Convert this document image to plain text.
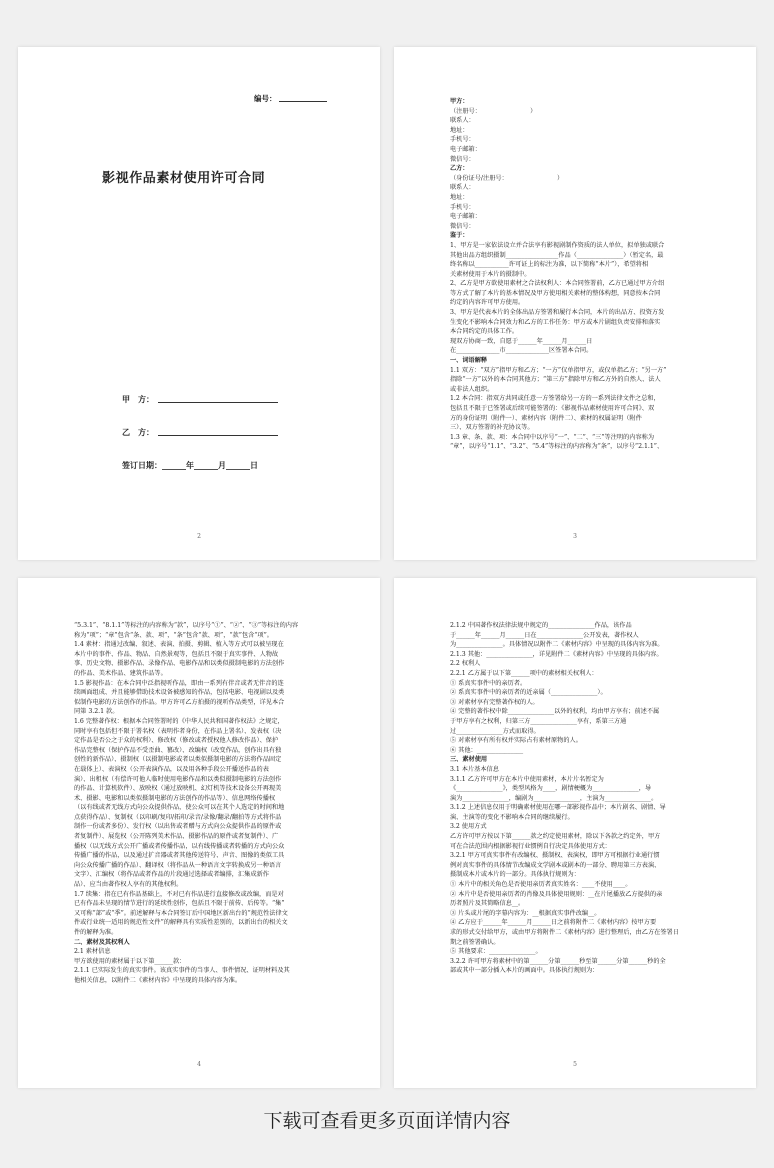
编号：
影视作品素材使用许可合同
甲　方：
乙　方：
签订日期：______年______月______日
2

甲方：

（注册号：                         ）

联系人：

地址：

手机号：

电子邮箱：

微信号：

乙方：

（身份证号/注册号：                         ）

联系人：

地址：

手机号：

电子邮箱：

微信号：

鉴于：

1、甲方是一家依法设立并合法享有影视剧制作资质的法人单位，拟单独或联合

其他出品方组织摄制_________________作品（_______________）（暂定名，最

终名称以___________许可证上的标注为准，以下简称“本片”），希望将相

关素材使用于本片的摄制中。

2、乙方是甲方欲使用素材之合法权利人：本合同签署前，乙方已通过甲方介绍

等方式了解了本片的基本情况及甲方使用相关素材的整体构想，同意按本合同

约定的内容许可甲方使用。

3、甲方是代表本片的全体出品方签署和履行本合同，本片的出品方、投资方发

生变化不影响本合同效力和乙方的工作任务：甲方或本片剧组负责安排和落实

本合同约定的具体工作。

现双方协商一致，自愿于______年______月______日

在______________市______________区签署本合同。

一、词语解释

1.1 双方：“双方”指甲方和乙方；“一方”仅单指甲方，或仅单指乙方；“另一方”

指除“一方”以外的本合同其他方；“第三方”指除甲方和乙方外的自然人、法人

或非法人组织。

1.2 本合同：指双方共同或任意一方签署给另一方的一系列法律文件之总和，

包括且不限于已签署或后续可能签署的：《影视作品素材使用许可合同》、双

方的身份证明（附件一）、素材内容（附件二）、素材的权属证明（附件

三）、双方签署的补充协议等。

1.3 章、条、款、项：本合同中以序号“一”、“二”、“三”等注明的内容称为

“章”，以序号“1.1”、“3.2”、“5.4”等标注的内容称为“条”，以序号“2.1.1”、

3

“5.3.1”、“8.1.1”等标注的内容称为“款”，以序号“①”、“②”、“③”等标注的内容

称为“项”；“章”包含“条、款、项”，“条”包含“款、项”，“款”包含“项”。

1.4 素材：指通过改编、叙述、表演、拍摄、剪辑、植入等方式可以被呈现在

本片中的事件、作品、物品、自然景观等，包括且不限于真实事件、人物故

事、历史文物、摄影作品、录像作品、电影作品和以类似摄制电影的方法创作

的作品、美术作品、建筑作品等。

1.5 影视作品：在本合同中泛指视听作品，即由一系列有伴音或者无伴音的连

续画面组成、并且能够借助技术设备被感知的作品，包括电影、电视剧以及类

似制作电影的方法创作的作品。甲方许可乙方拍摄的视听作品类型，详见本合

同第 3.2.1 款。

1.6 完整著作权：根据本合同签署时的《中华人民共和国著作权法》之规定，

同时享有包括但不限于署名权（表明作者身份，在作品上署名）、发表权（决

定作品是否公之于众的权利）、修改权（修改或者授权他人修改作品）、保护

作品完整权（保护作品不受歪曲、篡改）、改编权（改变作品，创作出具有独

创性的新作品）、摄制权（以摄制电影或者以类似摄制电影的方法将作品固定

在载体上）、表演权（公开表演作品，以及用各种手段公开播送作品的表

演）、出租权（有偿许可他人临时使用电影作品和以类似摄制电影的方法创作

的作品、计算机软件）、放映权（通过放映机、幻灯机等技术设备公开再现美

术、摄影、电影和以类似摄制电影的方法创作的作品等）、信息网络传播权

（以有线或者无线方式向公众提供作品，使公众可以在其个人选定的时间和地

点获得作品）、复制权（以印刷/复印/拓印/录音/录像/翻录/翻拍等方式将作品

制作一份或者多份）、发行权（以出售或者赠与方式向公众提供作品的原件或

者复制件）、展览权（公开陈列美术作品、摄影作品的原件或者复制件）、广

播权（以无线方式公开广播或者传播作品，以有线传播或者转播的方式向公众

传播广播的作品，以及通过扩音器或者其他传送符号、声音、图像的类似工具

向公众传播广播的作品）、翻译权（将作品从一种语言文字转换成另一种语言

文字）、汇编权（将作品或者作品的片段通过选择或者编排，汇集成新作

品）、应当由著作权人享有的其他权利。

1.7 续集：指在已有作品基础上，不对已有作品进行直接修改或改编，而是对

已有作品未呈现的情节进行的延续性创作，包括且不限于前传、后传等。“集”

又可称“部”或“季”。前述解释与本合同签订后中国地区新出台的“规范性法律文

件或行业统一适用的规范性文件”的解释具有实质性差别的，以新出台的相关文

件的解释为准。

二、素材及其权利人

2.1 素材信息

甲方欲使用的素材属于以下第______款：

2.1.1 已实际发生的真实事件。该真实事件的当事人、事件情况、证明材料及其

他相关信息，以附件二《素材内容》中呈现的具体内容为准。

4

2.1.2 中国著作权法律法规中规定的_______________作品，该作品

于______年______月______日在_______________公开发表，著作权人

为_______________。具体情况以附件二《素材内容》中呈现的具体内容为准。

2.1.3 其他：_______________，详见附件二《素材内容》中呈现的具体内容。

2.2 权利人

2.2.1 乙方属于以下第______项中的素材相关权利人：

① 系真实事件中的亲历者。

② 系真实事件中的亲历者的近亲属（_______________）。

③ 对素材享有完整著作权的人。

④ 完整的著作权中除_______________以外的权利，均由甲方享有；前述不属

于甲方享有之权利，归第三方_______________享有，系第三方通

过_______________方式而取得。

⑤ 对素材享有所有权并实际占有素材原物的人。

⑥ 其他：_______________

三、素材使用

3.1 本片基本信息

3.1.1 乙方许可甲方在本片中使用素材，本片片名暂定为

《_______________》，类型风格为____，剧情梗概为_______________，导

演为_______________，编剧为_______________，主演为_______________。

3.1.2 上述信息仅用于明确素材使用在哪一部影视作品中；本片剧名、剧情、导

演、主演等的变化不影响本合同的继续履行。

3.2 使用方式

乙方许可甲方按以下第______款之约定使用素材，除以下各款之约定外，甲方

可在合法范围内根据影视行业惯例自行决定具体使用方式：

3.2.1 甲方可真实事件有改编权、摄制权、表演权，即甲方可根据行业通行惯

例对真实事件的具体情节改编成文学剧本或剧本的一部分、聘用第三方表演、

摄制成本片或本片的一部分。具体执行规则为：

① 本片中的相关角色是否使用亲历者真实姓名：____不使用____。

② 本片中是否使用亲历者的肖像及具体使用规则：__在片尾播放乙方提供的亲

历者照片及其简略信息__。

③ 片头或片尾的字幕内容为：__根据真实事件改编__。

④ 乙方应于______年______月______日之前将附件二《素材内容》按甲方要

求的形式交付给甲方，或由甲方将附件二《素材内容》进行整理后，由乙方在签署日

期之前签署确认。

⑤ 其他要求：_______________。

3.2.2 许可甲方将素材中的第______分第______秒至第______分第______秒的全

部或其中一部分插入本片的画面中。具体执行规则为：

5
下载可查看更多页面详情内容
